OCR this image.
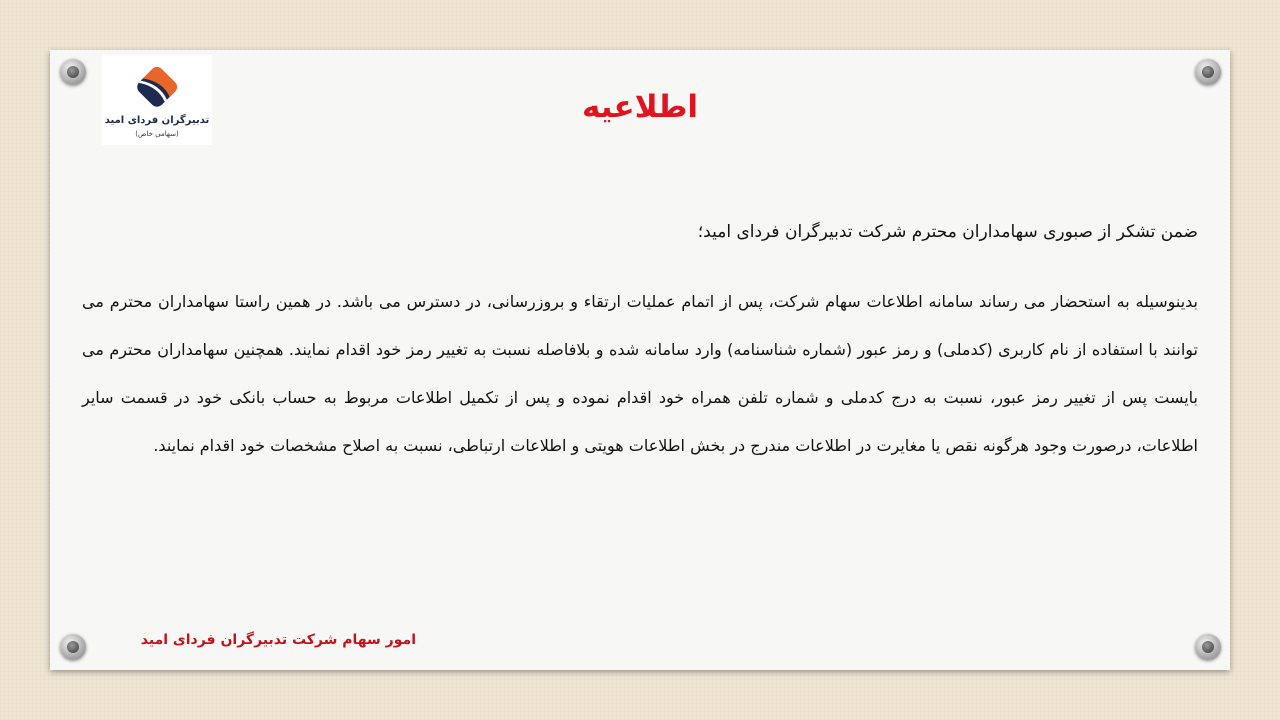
تدبیرگران فردای امید
(سهامی خاص)
اطلاعیه

ضمن تشکر از صبوری سهامداران محترم شرکت تدبیرگران فردای امید؛

بدینوسیله به استحضار می رساند سامانه اطلاعات سهام شرکت، پس از اتمام عملیات ارتقاء و بروزرسانی، در دسترس می باشد. در همین راستا سهامداران محترم می توانند با استفاده از نام کاربری (کدملی) و رمز عبور (شماره شناسنامه) وارد سامانه شده و بلافاصله نسبت به تغییر رمز خود اقدام نمایند. همچنین سهامداران محترم می بایست پس از تغییر رمز عبور، نسبت به درج کدملی و شماره تلفن همراه خود اقدام نموده و پس از تکمیل اطلاعات مربوط به حساب بانکی خود در قسمت سایر اطلاعات، درصورت وجود هرگونه نقص یا مغایرت در اطلاعات مندرج در بخش اطلاعات هویتی و اطلاعات ارتباطی، نسبت به اصلاح مشخصات خود اقدام نمایند.

امور سهام شرکت تدبیرگران فردای امید
